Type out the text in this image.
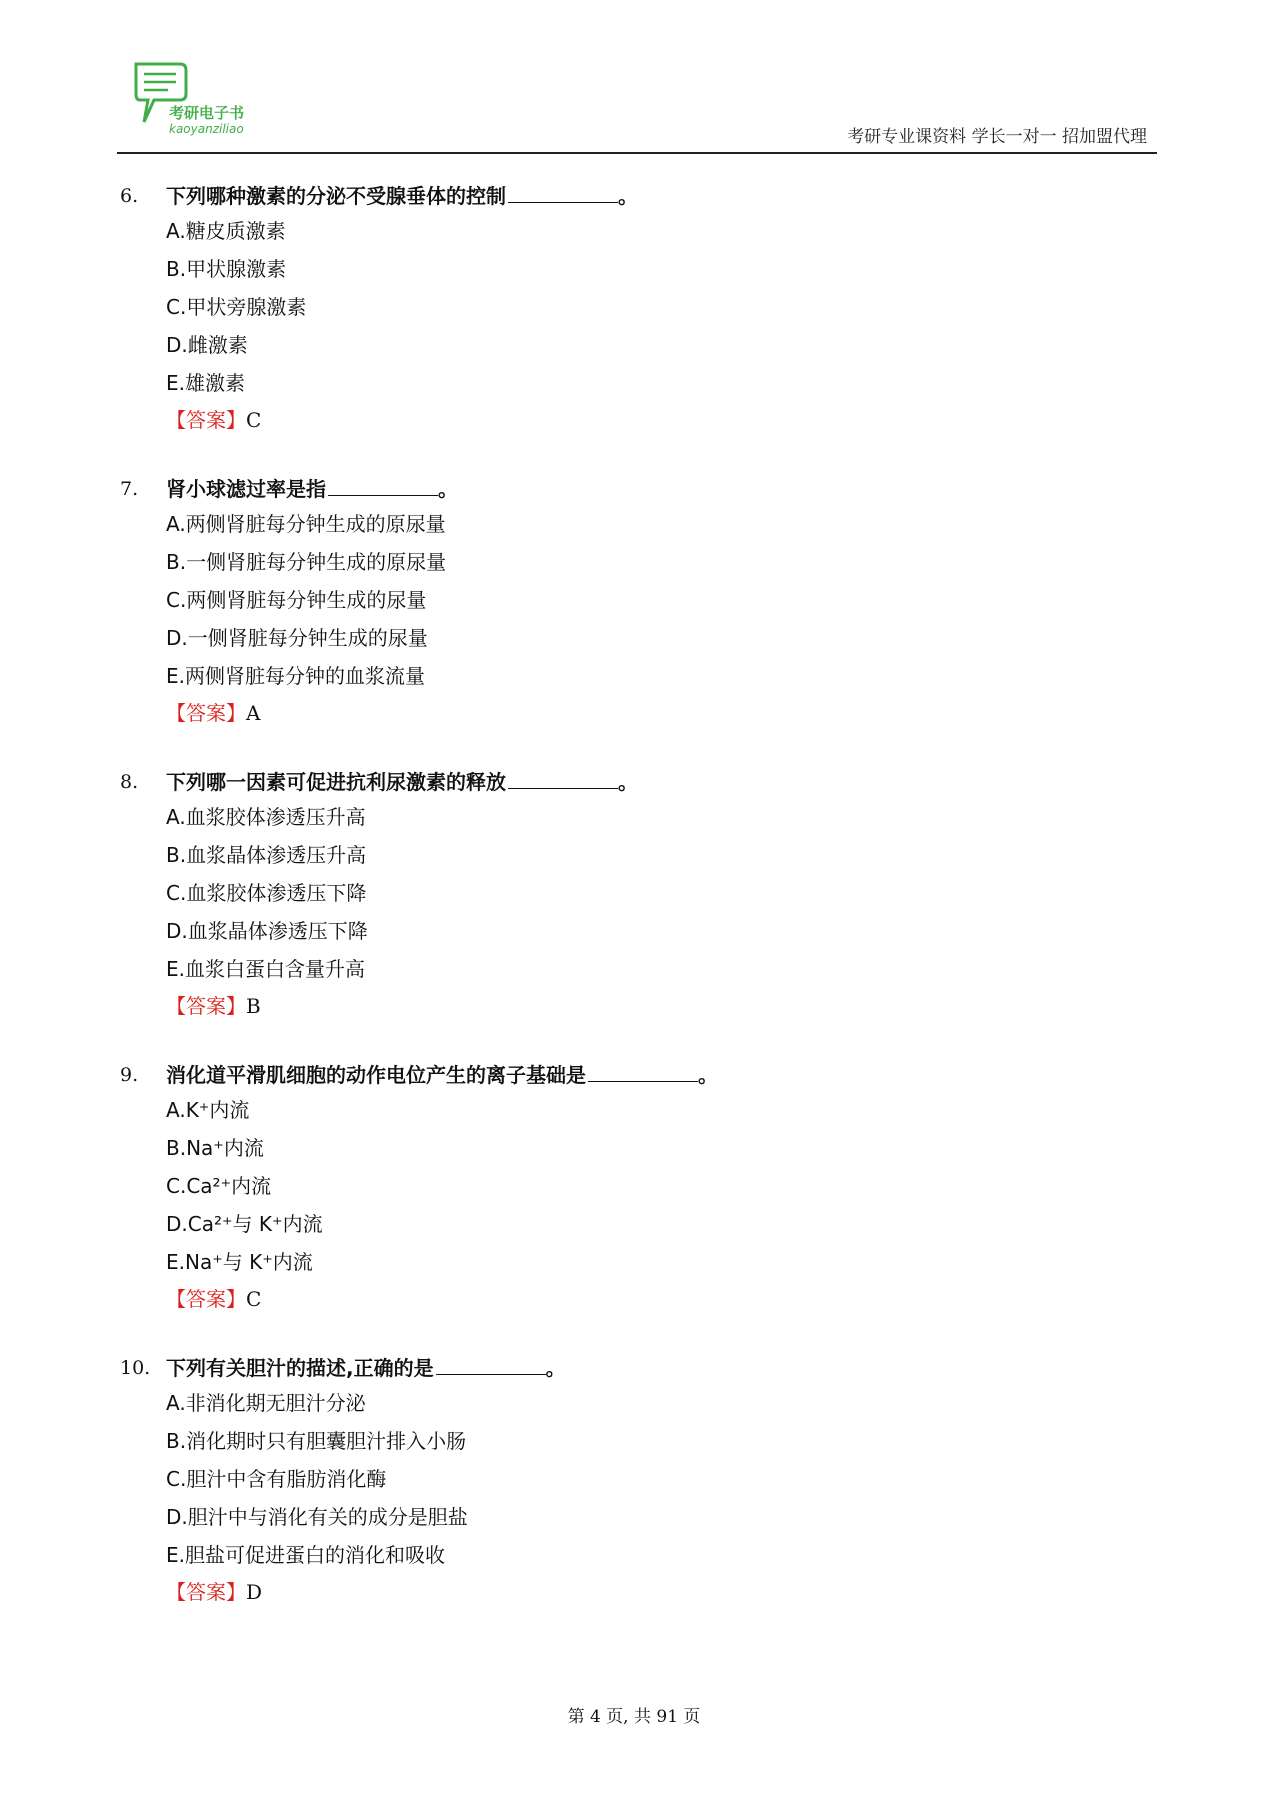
考研电子书
kaoyanziliao	考研专业课资料 学长一对一 招加盟代理
6.	下列哪种激素的分泌不受腺垂体的控制	。
A.糖皮质激素
B.甲状腺激素
C.甲状旁腺激素
D.雌激素
E.雄激素
【答案】C
7.	肾小球滤过率是指	。
A.两侧肾脏每分钟生成的原尿量
B.一侧肾脏每分钟生成的原尿量
C.两侧肾脏每分钟生成的尿量
D.一侧肾脏每分钟生成的尿量
E.两侧肾脏每分钟的血浆流量
【答案】A
8.	下列哪一因素可促进抗利尿激素的释放	。
A.血浆胶体渗透压升高
B.血浆晶体渗透压升高
C.血浆胶体渗透压下降
D.血浆晶体渗透压下降
E.血浆白蛋白含量升高
【答案】B
9.	消化道平滑肌细胞的动作电位产生的离子基础是	。
A.K⁺内流
B.Na⁺内流
C.Ca²⁺内流
D.Ca²⁺与 K⁺内流
E.Na⁺与 K⁺内流
【答案】C
10. 下列有关胆汁的描述,正确的是	。
A.非消化期无胆汁分泌
B.消化期时只有胆囊胆汁排入小肠
C.胆汁中含有脂肪消化酶
D.胆汁中与消化有关的成分是胆盐
E.胆盐可促进蛋白的消化和吸收
【答案】D
第 4 页, 共 91 页
